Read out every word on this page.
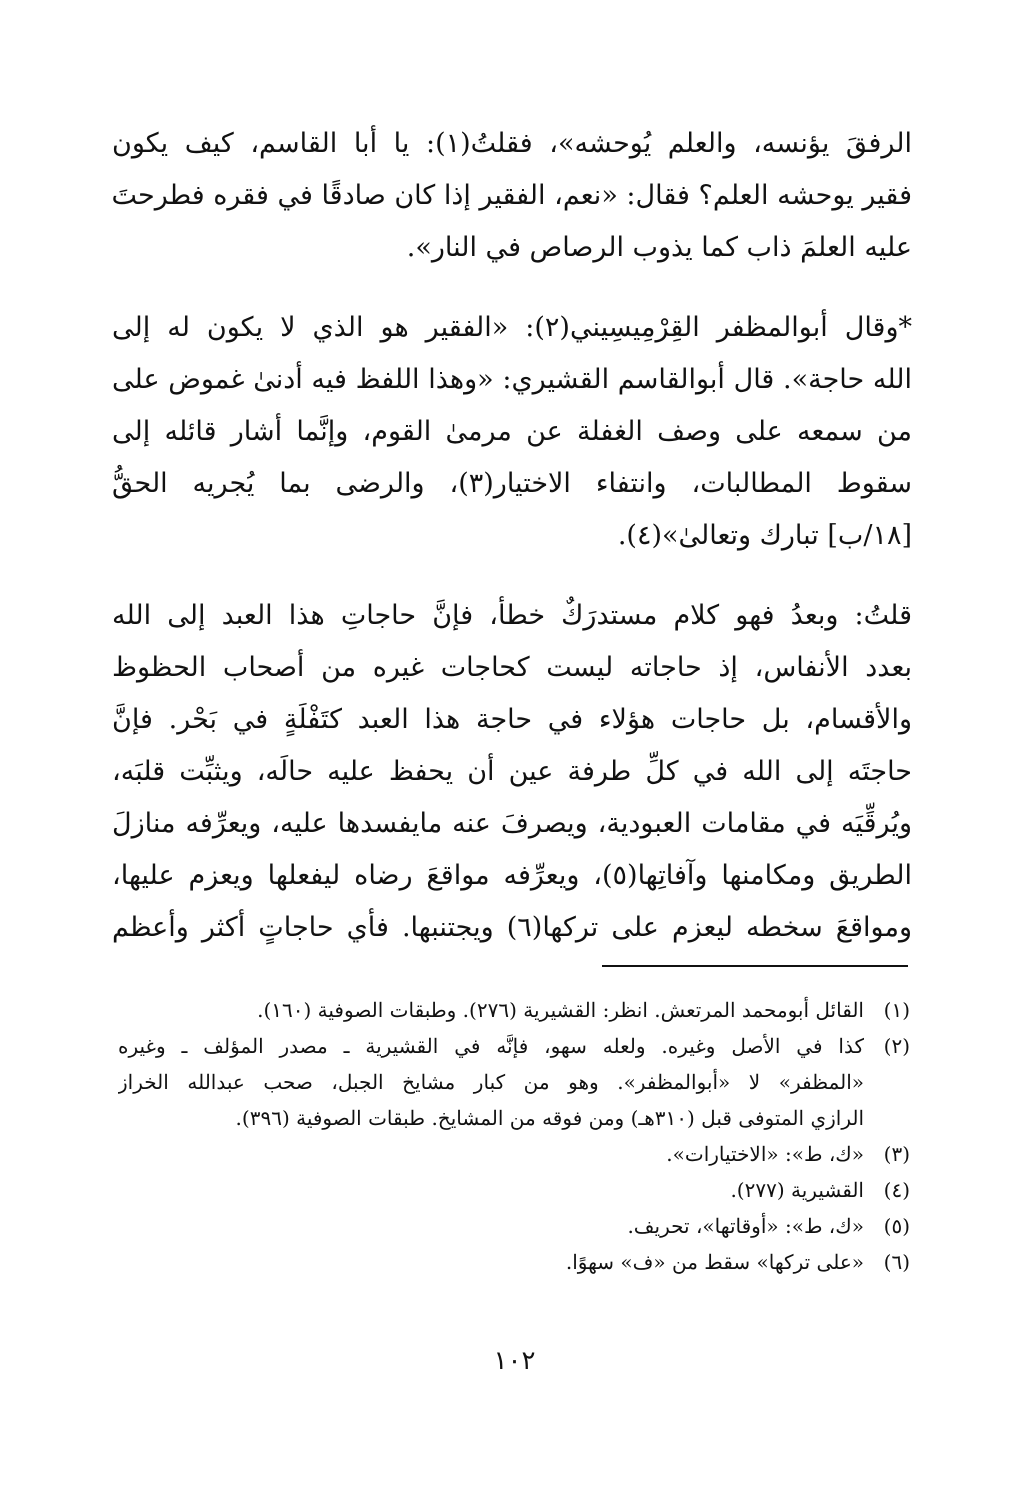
الرفقَ يؤنسه، والعلم يُوحشه»، فقلتُ(١): يا أبا القاسم، كيف يكون
فقير يوحشه العلم؟ فقال: «نعم، الفقير إذا كان صادقًا في فقره فطرحتَ
عليه العلمَ ذاب كما يذوب الرصاص في النار».

*وقال أبوالمظفر القِرْمِيسِيني(٢): «الفقير هو الذي لا يكون له إلى
الله حاجة». قال أبوالقاسم القشيري: «وهذا اللفظ فيه أدنىٰ غموض على
من سمعه على وصف الغفلة عن مرمىٰ القوم، وإنَّما أشار قائله إلى
سقوط المطالبات، وانتفاء الاختيار(٣)، والرضى بما يُجريه الحقُّ
[١٨/ب] تبارك وتعالىٰ»(٤).

قلتُ: وبعدُ فهو كلام مستدرَكٌ خطأ، فإنَّ حاجاتِ هذا العبد إلى الله
بعدد الأنفاس، إذ حاجاته ليست كحاجات غيره من أصحاب الحظوظ
والأقسام، بل حاجات هؤلاء في حاجة هذا العبد كتَفْلَةٍ في بَحْر. فإنَّ
حاجتَه إلى الله في كلِّ طرفة عين أن يحفظ عليه حالَه، ويثبِّت قلبَه،
ويُرقِّيَه في مقامات العبودية، ويصرفَ عنه مايفسدها عليه، ويعرِّفه منازلَ
الطريق ومكامنها وآفاتِها(٥)، ويعرِّفه مواقعَ رضاه ليفعلها ويعزم عليها،
ومواقعَ سخطه ليعزم على تركها(٦) ويجتنبها. فأي حاجاتٍ أكثر وأعظم

(١)
القائل أبومحمد المرتعش. انظر: القشيرية (٢٧٦). وطبقات الصوفية (١٦٠).
(٢)
كذا في الأصل وغيره. ولعله سهو، فإنَّه في القشيرية ـ مصدر المؤلف ـ وغيره
«المظفر» لا «أبوالمظفر». وهو من كبار مشايخ الجبل، صحب عبدالله الخراز
الرازي المتوفى قبل (٣١٠هـ) ومن فوقه من المشايخ. طبقات الصوفية (٣٩٦).
(٣)
«ك، ط»: «الاختيارات».
(٤)
القشيرية (٢٧٧).
(٥)
«ك، ط»: «أوقاتها»، تحريف.
(٦)
«على تركها» سقط من «ف» سهوًا.
١٠٢
